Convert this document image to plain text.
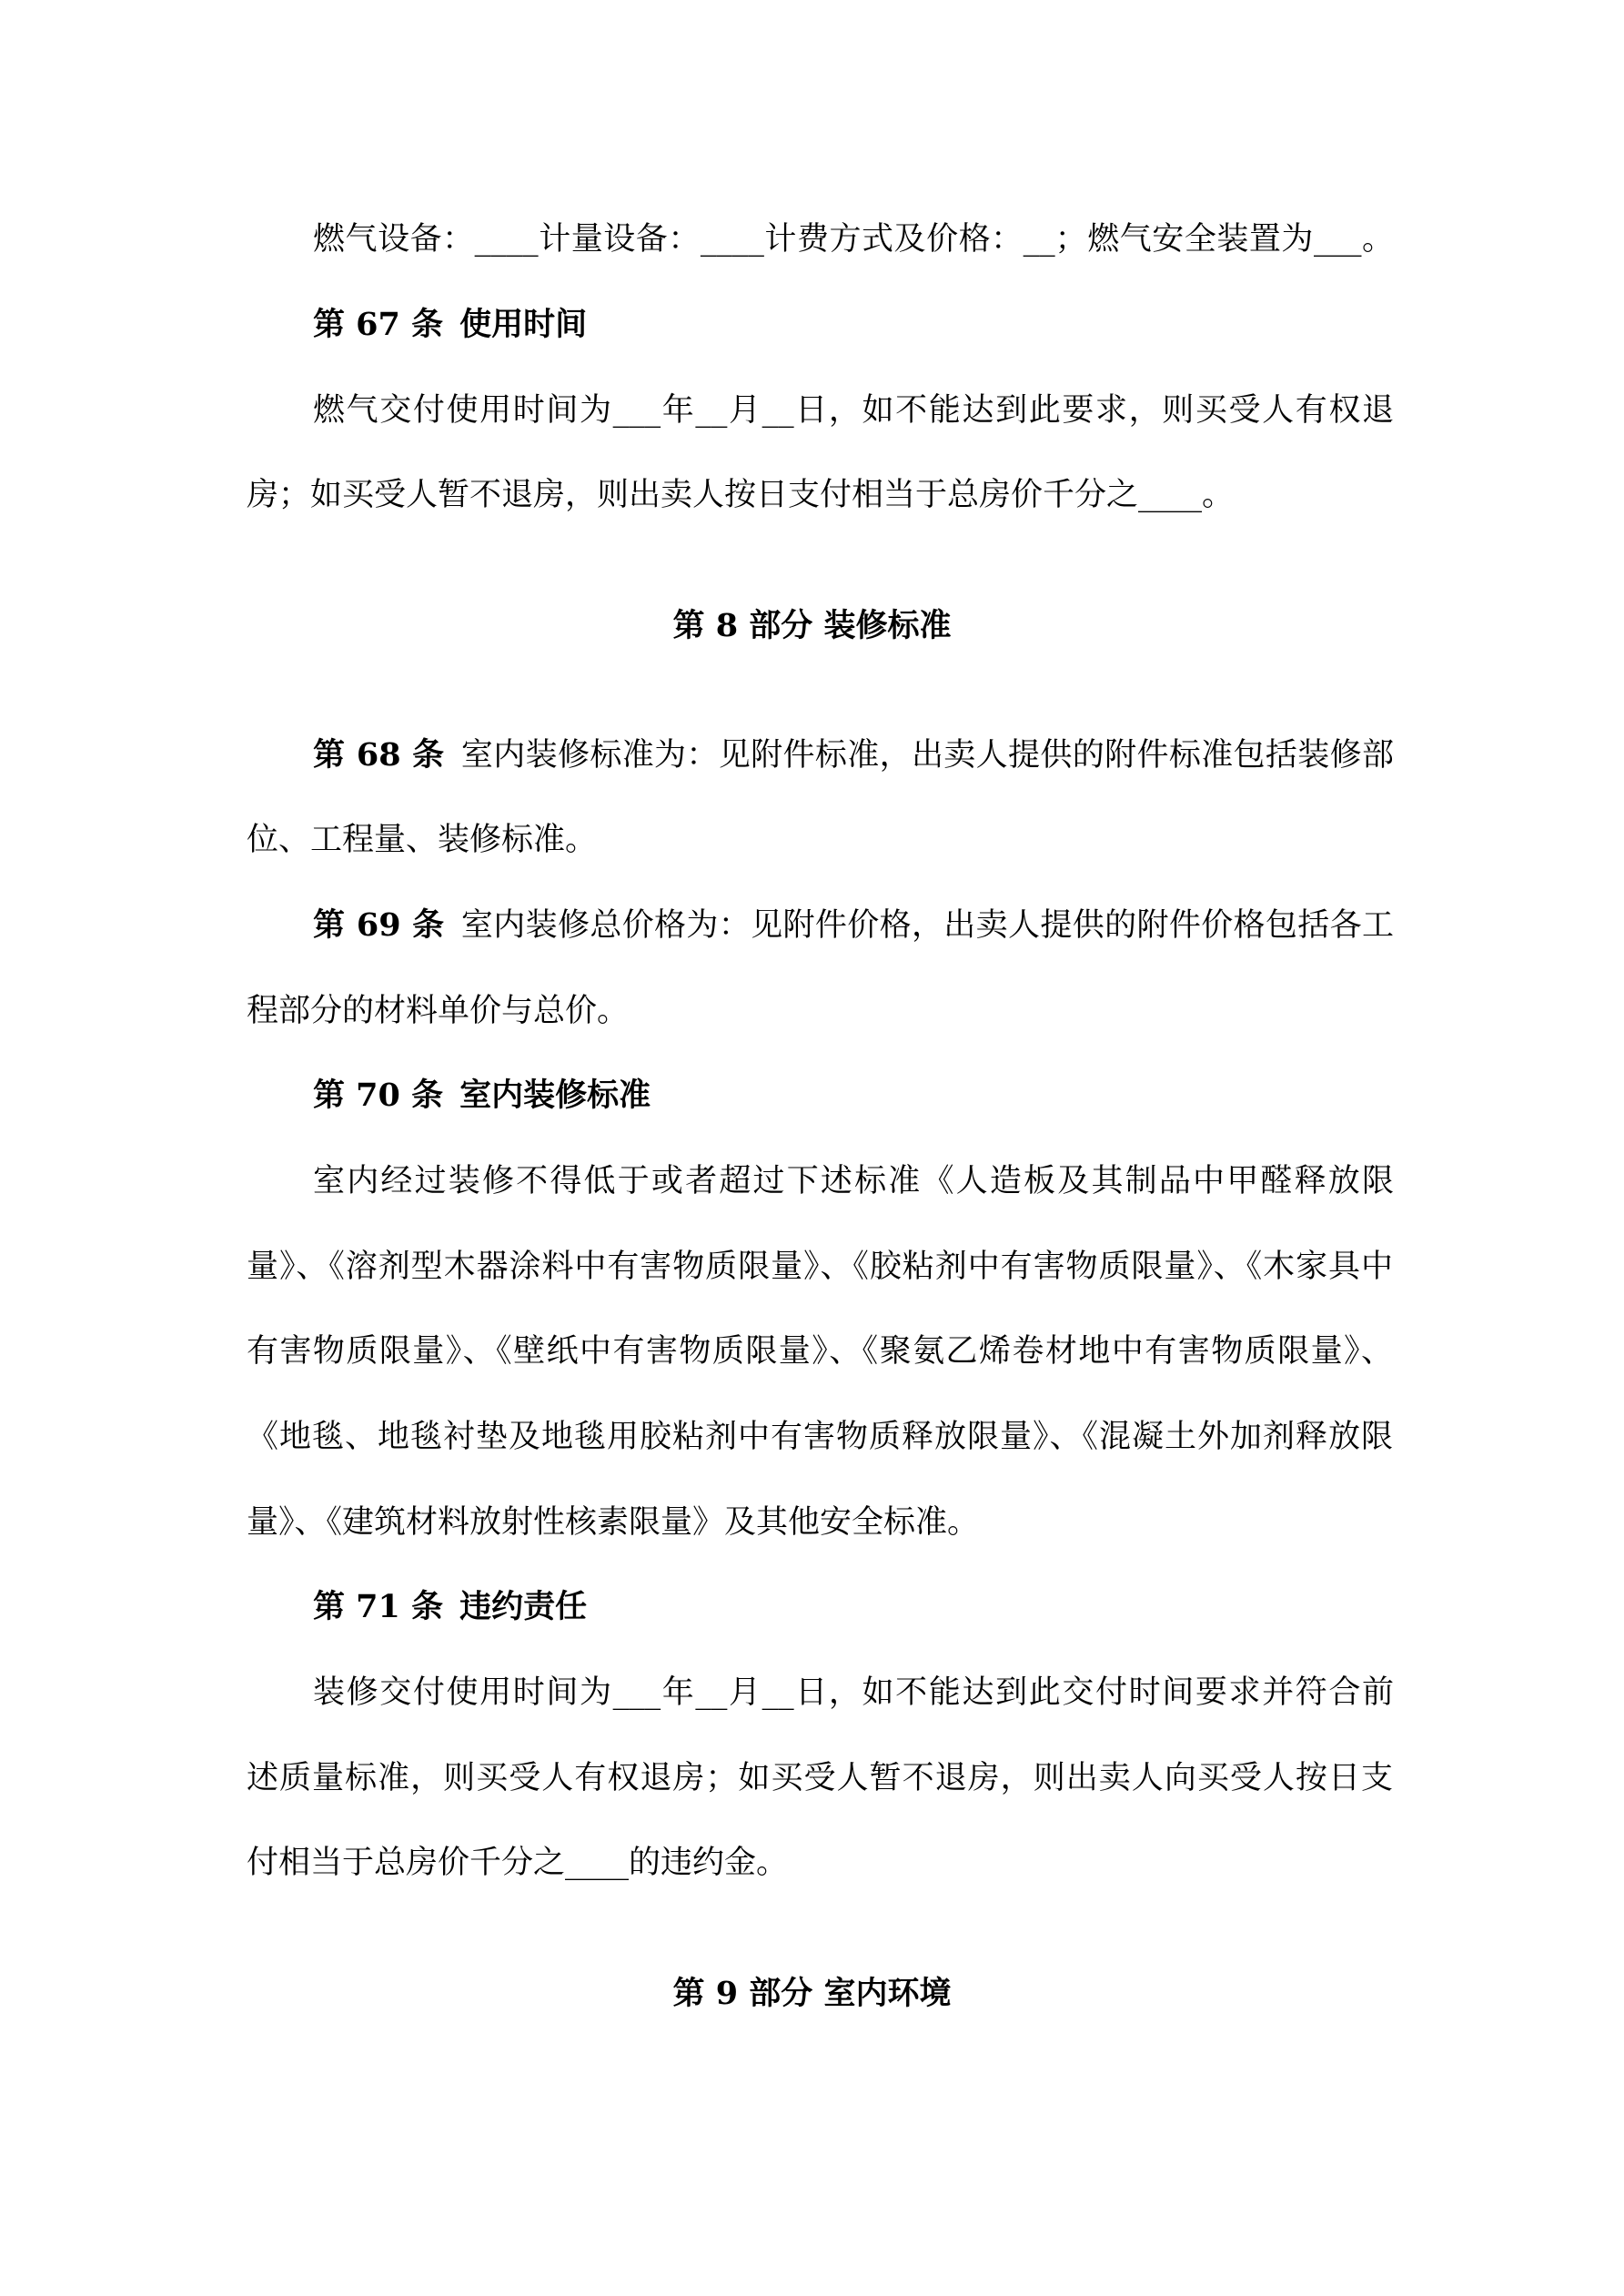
燃气设备：____计量设备：____计费方式及价格：__；燃气安全装置为___。
第 67 条 使用时间
燃气交付使用时间为___年__月__日，如不能达到此要求，则买受人有权退
房；如买受人暂不退房，则出卖人按日支付相当于总房价千分之____。
第 8 部分 装修标准
第 68 条 室内装修标准为：见附件标准，出卖人提供的附件标准包括装修部
位、工程量、装修标准。
第 69 条 室内装修总价格为：见附件价格，出卖人提供的附件价格包括各工
程部分的材料单价与总价。
第 70 条 室内装修标准
室内经过装修不得低于或者超过下述标准《人造板及其制品中甲醛释放限
量》、《溶剂型木器涂料中有害物质限量》、《胶粘剂中有害物质限量》、《木家具中
有害物质限量》、《壁纸中有害物质限量》、《聚氨乙烯卷材地中有害物质限量》、
《地毯、地毯衬垫及地毯用胶粘剂中有害物质释放限量》、《混凝土外加剂释放限
量》、《建筑材料放射性核素限量》及其他安全标准。
第 71 条 违约责任
装修交付使用时间为___年__月__日，如不能达到此交付时间要求并符合前
述质量标准，则买受人有权退房；如买受人暂不退房，则出卖人向买受人按日支
付相当于总房价千分之____的违约金。
第 9 部分 室内环境
